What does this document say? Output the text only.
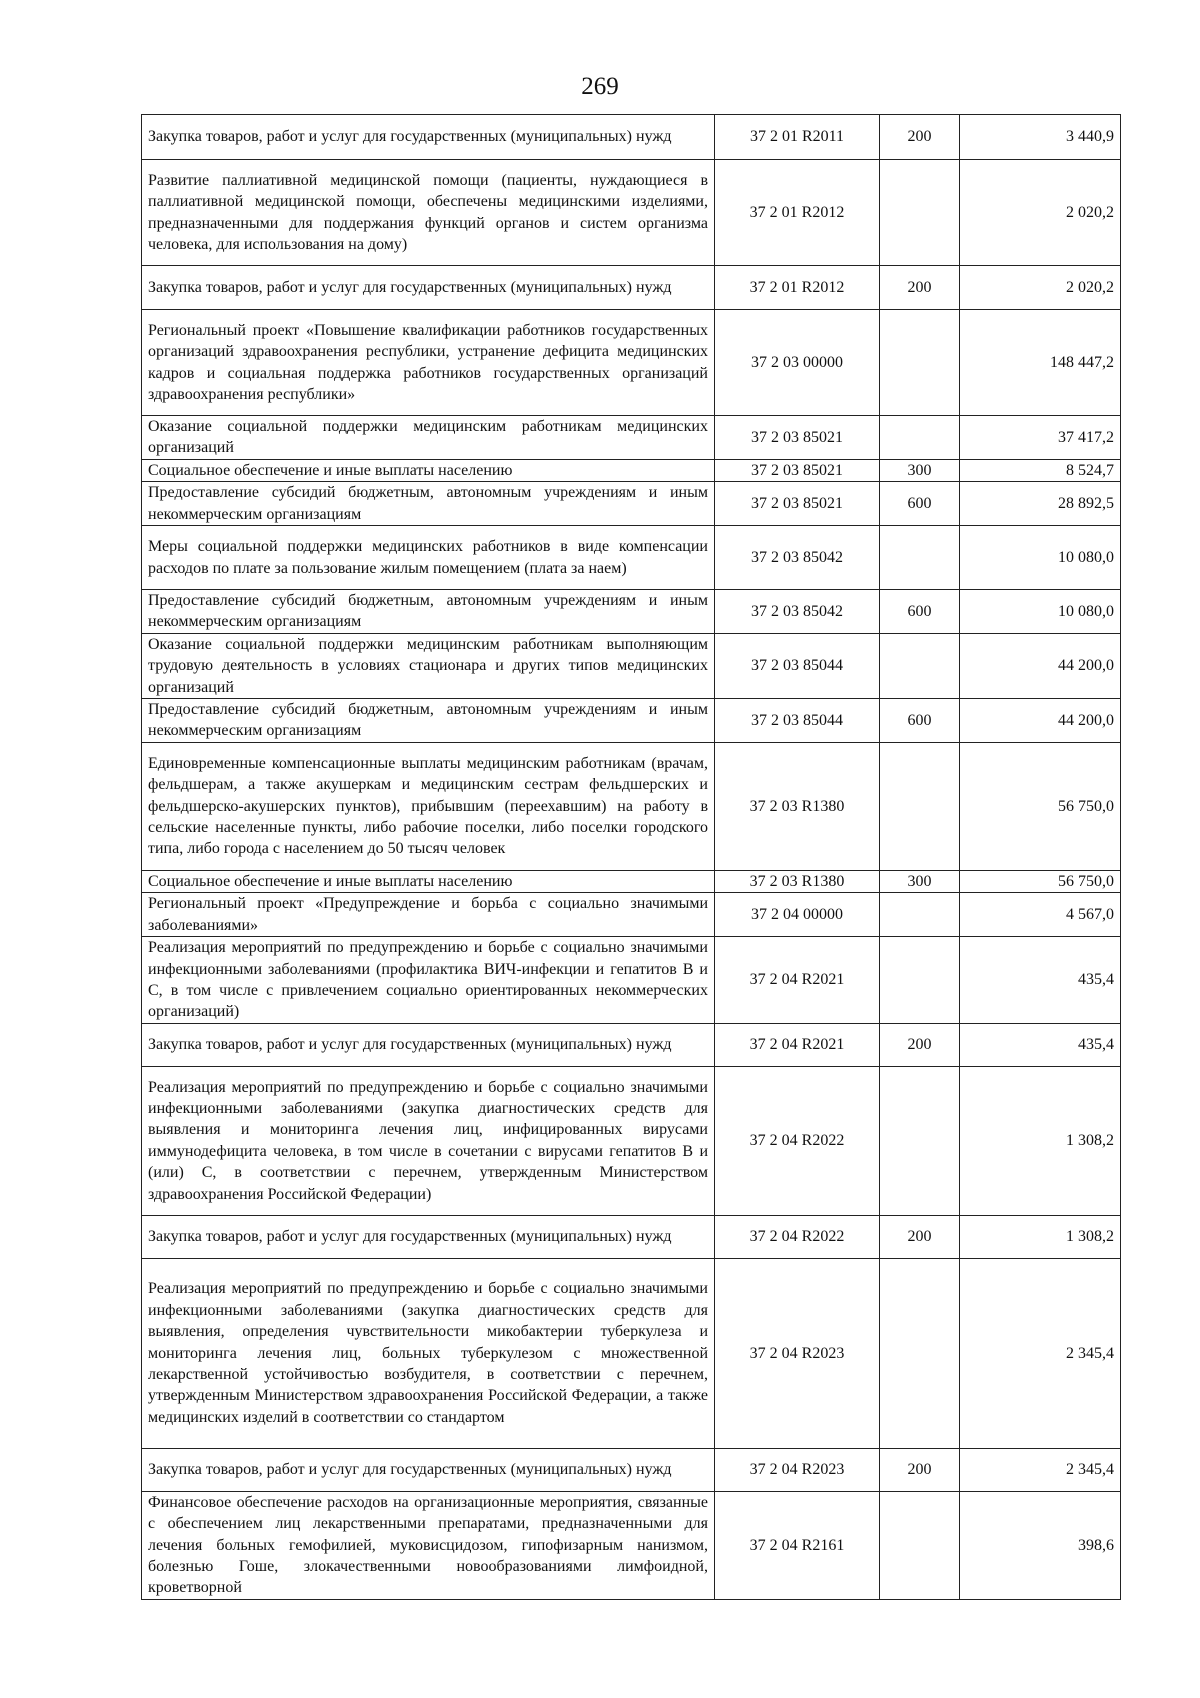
269
Закупка товаров, работ и услуг для государственных (муниципальных) нужд	37 2 01 R2011	200	3 440,9
Развитие паллиативной медицинской помощи (пациенты, нуждающиеся в паллиативной медицинской помощи, обеспечены медицинскими изделиями, предназначенными для поддержания функций органов и систем организма человека, для использования на дому)	37 2 01 R2012		2 020,2
Закупка товаров, работ и услуг для государственных (муниципальных) нужд	37 2 01 R2012	200	2 020,2
Региональный проект «Повышение квалификации работников государственных организаций здравоохранения республики, устранение дефицита медицинских кадров и социальная поддержка работников государственных организаций здравоохранения республики»	37 2 03 00000		148 447,2
Оказание социальной поддержки медицинским работникам медицинских организаций	37 2 03 85021		37 417,2
Социальное обеспечение и иные выплаты населению	37 2 03 85021	300	8 524,7
Предоставление субсидий бюджетным, автономным учреждениям и иным некоммерческим организациям	37 2 03 85021	600	28 892,5
Меры социальной поддержки медицинских работников в виде компенсации расходов по плате за пользование жилым помещением (плата за наем)	37 2 03 85042		10 080,0
Предоставление субсидий бюджетным, автономным учреждениям и иным некоммерческим организациям	37 2 03 85042	600	10 080,0
Оказание социальной поддержки медицинским работникам выполняющим трудовую деятельность в условиях стационара и других типов медицинских организаций	37 2 03 85044		44 200,0
Предоставление субсидий бюджетным, автономным учреждениям и иным некоммерческим организациям	37 2 03 85044	600	44 200,0
Единовременные компенсационные выплаты медицинским работникам (врачам, фельдшерам, а также акушеркам и медицинским сестрам фельдшерских и фельдшерско-акушерских пунктов), прибывшим (переехавшим) на работу в сельские населенные пункты, либо рабочие поселки, либо поселки городского типа, либо города с населением до 50 тысяч человек	37 2 03 R1380		56 750,0
Социальное обеспечение и иные выплаты населению	37 2 03 R1380	300	56 750,0
Региональный проект «Предупреждение и борьба с социально значимыми заболеваниями»	37 2 04 00000		4 567,0
Реализация мероприятий по предупреждению и борьбе с социально значимыми инфекционными заболеваниями (профилактика ВИЧ-инфекции и гепатитов B и C, в том числе с привлечением социально ориентированных некоммерческих организаций)	37 2 04 R2021		435,4
Закупка товаров, работ и услуг для государственных (муниципальных) нужд	37 2 04 R2021	200	435,4
Реализация мероприятий по предупреждению и борьбе с социально значимыми инфекционными заболеваниями (закупка диагностических средств для выявления и мониторинга лечения лиц, инфицированных вирусами иммунодефицита человека, в том числе в сочетании с вирусами гепатитов B и (или) C, в соответствии с перечнем, утвержденным Министерством здравоохранения Российской Федерации)	37 2 04 R2022		1 308,2
Закупка товаров, работ и услуг для государственных (муниципальных) нужд	37 2 04 R2022	200	1 308,2
Реализация мероприятий по предупреждению и борьбе с социально значимыми инфекционными заболеваниями (закупка диагностических средств для выявления, определения чувствительности микобактерии туберкулеза и мониторинга лечения лиц, больных туберкулезом с множественной лекарственной устойчивостью возбудителя, в соответствии с перечнем, утвержденным Министерством здравоохранения Российской Федерации, а также медицинских изделий в соответствии со стандартом	37 2 04 R2023		2 345,4
Закупка товаров, работ и услуг для государственных (муниципальных) нужд	37 2 04 R2023	200	2 345,4
Финансовое обеспечение расходов на организационные мероприятия, связанные с обеспечением лиц лекарственными препаратами, предназначенными для лечения больных гемофилией, муковисцидозом, гипофизарным нанизмом, болезнью Гоше, злокачественными новообразованиями лимфоидной, кроветворной	37 2 04 R2161		398,6
